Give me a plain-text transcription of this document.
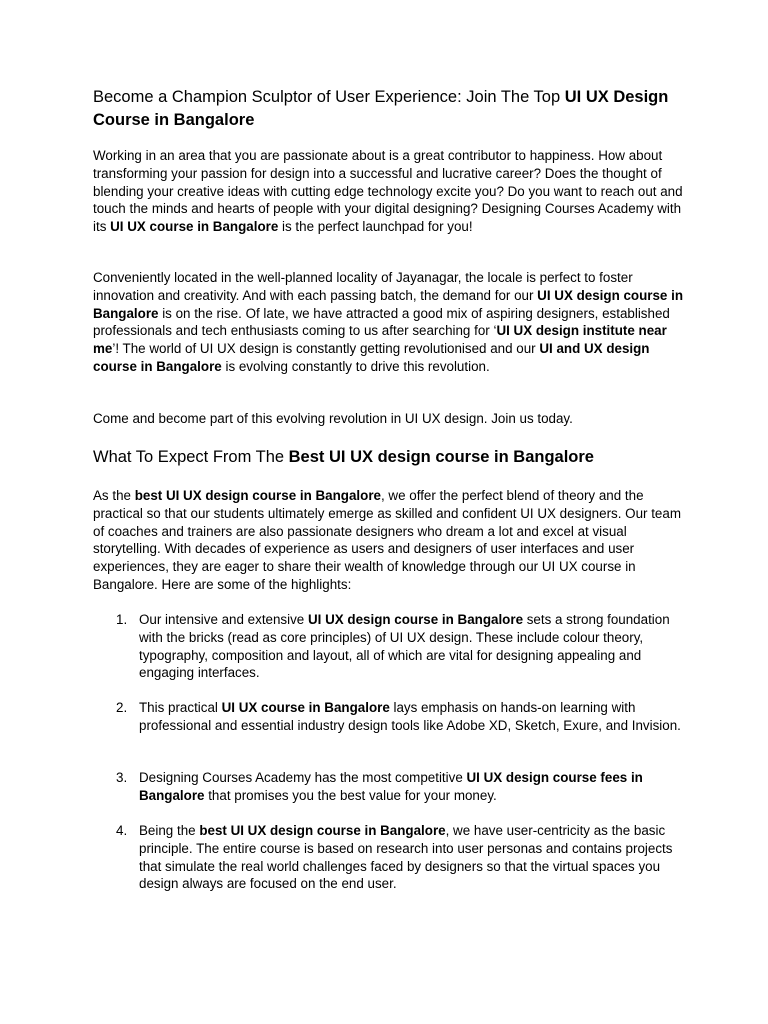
Become a Champion Sculptor of User Experience: Join The Top UI UX Design Course in Bangalore

Working in an area that you are passionate about is a great contributor to happiness. How about transforming your passion for design into a successful and lucrative career? Does the thought of blending your creative ideas with cutting edge technology excite you? Do you want to reach out and touch the minds and hearts of people with your digital designing? Designing Courses Academy with its UI UX course in Bangalore is the perfect launchpad for you!

Conveniently located in the well-planned locality of Jayanagar, the locale is perfect to foster innovation and creativity. And with each passing batch, the demand for our UI UX design course in Bangalore is on the rise. Of late, we have attracted a good mix of aspiring designers, established professionals and tech enthusiasts coming to us after searching for ‘UI UX design institute near me’! The world of UI UX design is constantly getting revolutionised and our UI and UX design course in Bangalore is evolving constantly to drive this revolution.

Come and become part of this evolving revolution in UI UX design. Join us today.

What To Expect From The Best UI UX design course in Bangalore

As the best UI UX design course in Bangalore, we offer the perfect blend of theory and the practical so that our students ultimately emerge as skilled and confident UI UX designers. Our team of coaches and trainers are also passionate designers who dream a lot and excel at visual storytelling. With decades of experience as users and designers of user interfaces and user experiences, they are eager to share their wealth of knowledge through our UI UX course in Bangalore. Here are some of the highlights:

1. Our intensive and extensive UI UX design course in Bangalore sets a strong foundation with the bricks (read as core principles) of UI UX design. These include colour theory, typography, composition and layout, all of which are vital for designing appealing and engaging interfaces.
2. This practical UI UX course in Bangalore lays emphasis on hands-on learning with professional and essential industry design tools like Adobe XD, Sketch, Exure, and Invision.
3. Designing Courses Academy has the most competitive UI UX design course fees in Bangalore that promises you the best value for your money.
4. Being the best UI UX design course in Bangalore, we have user-centricity as the basic principle. The entire course is based on research into user personas and contains projects that simulate the real world challenges faced by designers so that the virtual spaces you design always are focused on the end user.
